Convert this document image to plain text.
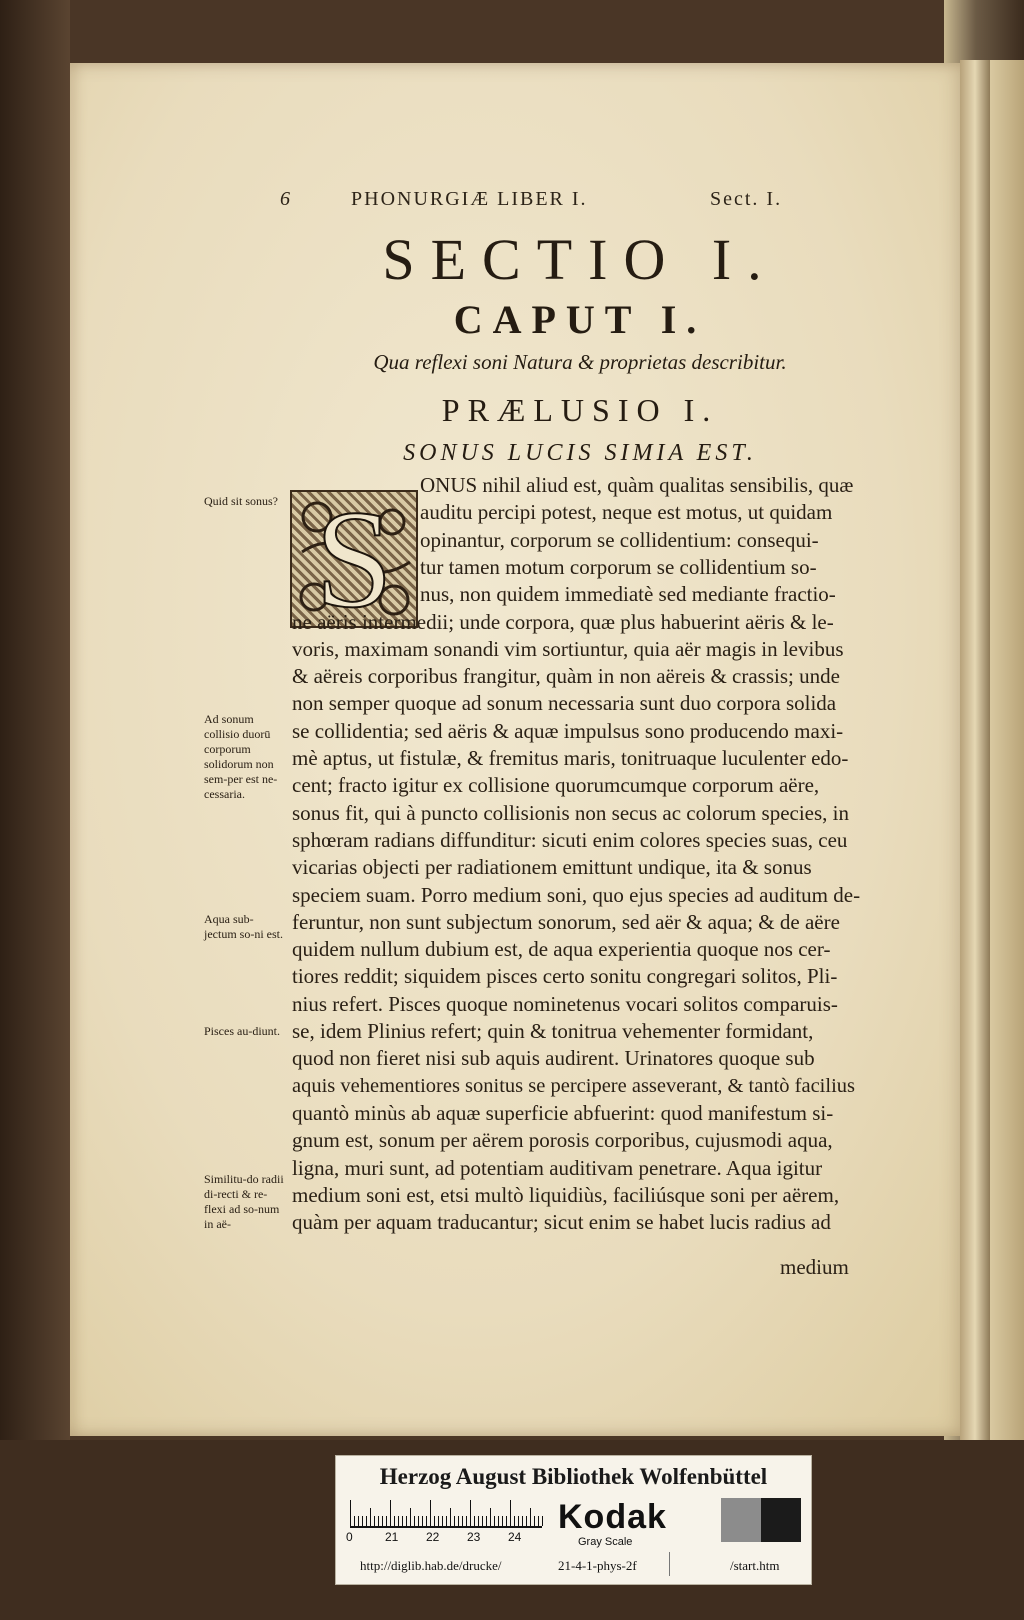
6	PHONURGIÆ LIBER I.	Sect. I.
SECTIO I.
CAPUT I.
Qua reflexi soni Natura & proprietas describitur.
PRÆLUSIO I.
SONUS LUCIS SIMIA EST.
S	ONUS nihil aliud est, quàm qualitas sensibilis, quæ
auditu percipi potest, neque est motus, ut quidam
opinantur, corporum se collidentium: consequi-
tur tamen motum corporum se collidentium so-
nus, non quidem immediatè sed mediante fractio-
ne aëris intermedii; unde corpora, quæ plus habuerint aëris & le-
voris, maximam sonandi vim sortiuntur, quia aër magis in levibus
& aëreis corporibus frangitur, quàm in non aëreis & crassis; unde
non semper quoque ad sonum necessaria sunt duo corpora solida
se collidentia; sed aëris & aquæ impulsus sono producendo maxi-
mè aptus, ut fistulæ, & fremitus maris, tonitruaque luculenter edo-
cent; fracto igitur ex collisione quorumcumque corporum aëre,
sonus fit, qui à puncto collisionis non secus ac colorum species, in
sphœram radians diffunditur: sicuti enim colores species suas, ceu
vicarias objecti per radiationem emittunt undique, ita & sonus
speciem suam. Porro medium soni, quo ejus species ad auditum de-
feruntur, non sunt subjectum sonorum, sed aër & aqua; & de aëre
quidem nullum dubium est, de aqua experientia quoque nos cer-
tiores reddit; siquidem pisces certo sonitu congregari solitos, Pli-
nius refert. Pisces quoque nominetenus vocari solitos comparuis-
se, idem Plinius refert; quin & tonitrua vehementer formidant,
quod non fieret nisi sub aquis audirent. Urinatores quoque sub
aquis vehementiores sonitus se percipere asseverant, & tantò facilius
quantò minùs ab aquæ superficie abfuerint: quod manifestum si-
gnum est, sonum per aërem porosis corporibus, cujusmodi aqua,
ligna, muri sunt, ad potentiam auditivam penetrare. Aqua igitur
medium soni est, etsi multò liquidiùs, faciliúsque soni per aërem,
quàm per aquam traducantur; sicut enim se habet lucis radius ad
Quid sit sonus?
Ad sonum collisio duorū corporum solidorum non sem-per est ne-cessaria.
Aqua sub-jectum so-ni est.
Pisces au-diunt.
Similitu-do radii di-recti & re-flexi ad so-num in aë-
medium
Herzog August Bibliothek Wolfenbüttel
0	21 22 23 24
Kodak
Gray Scale
http://diglib.hab.de/drucke/	21-4-1-phys-2f	/start.htm
